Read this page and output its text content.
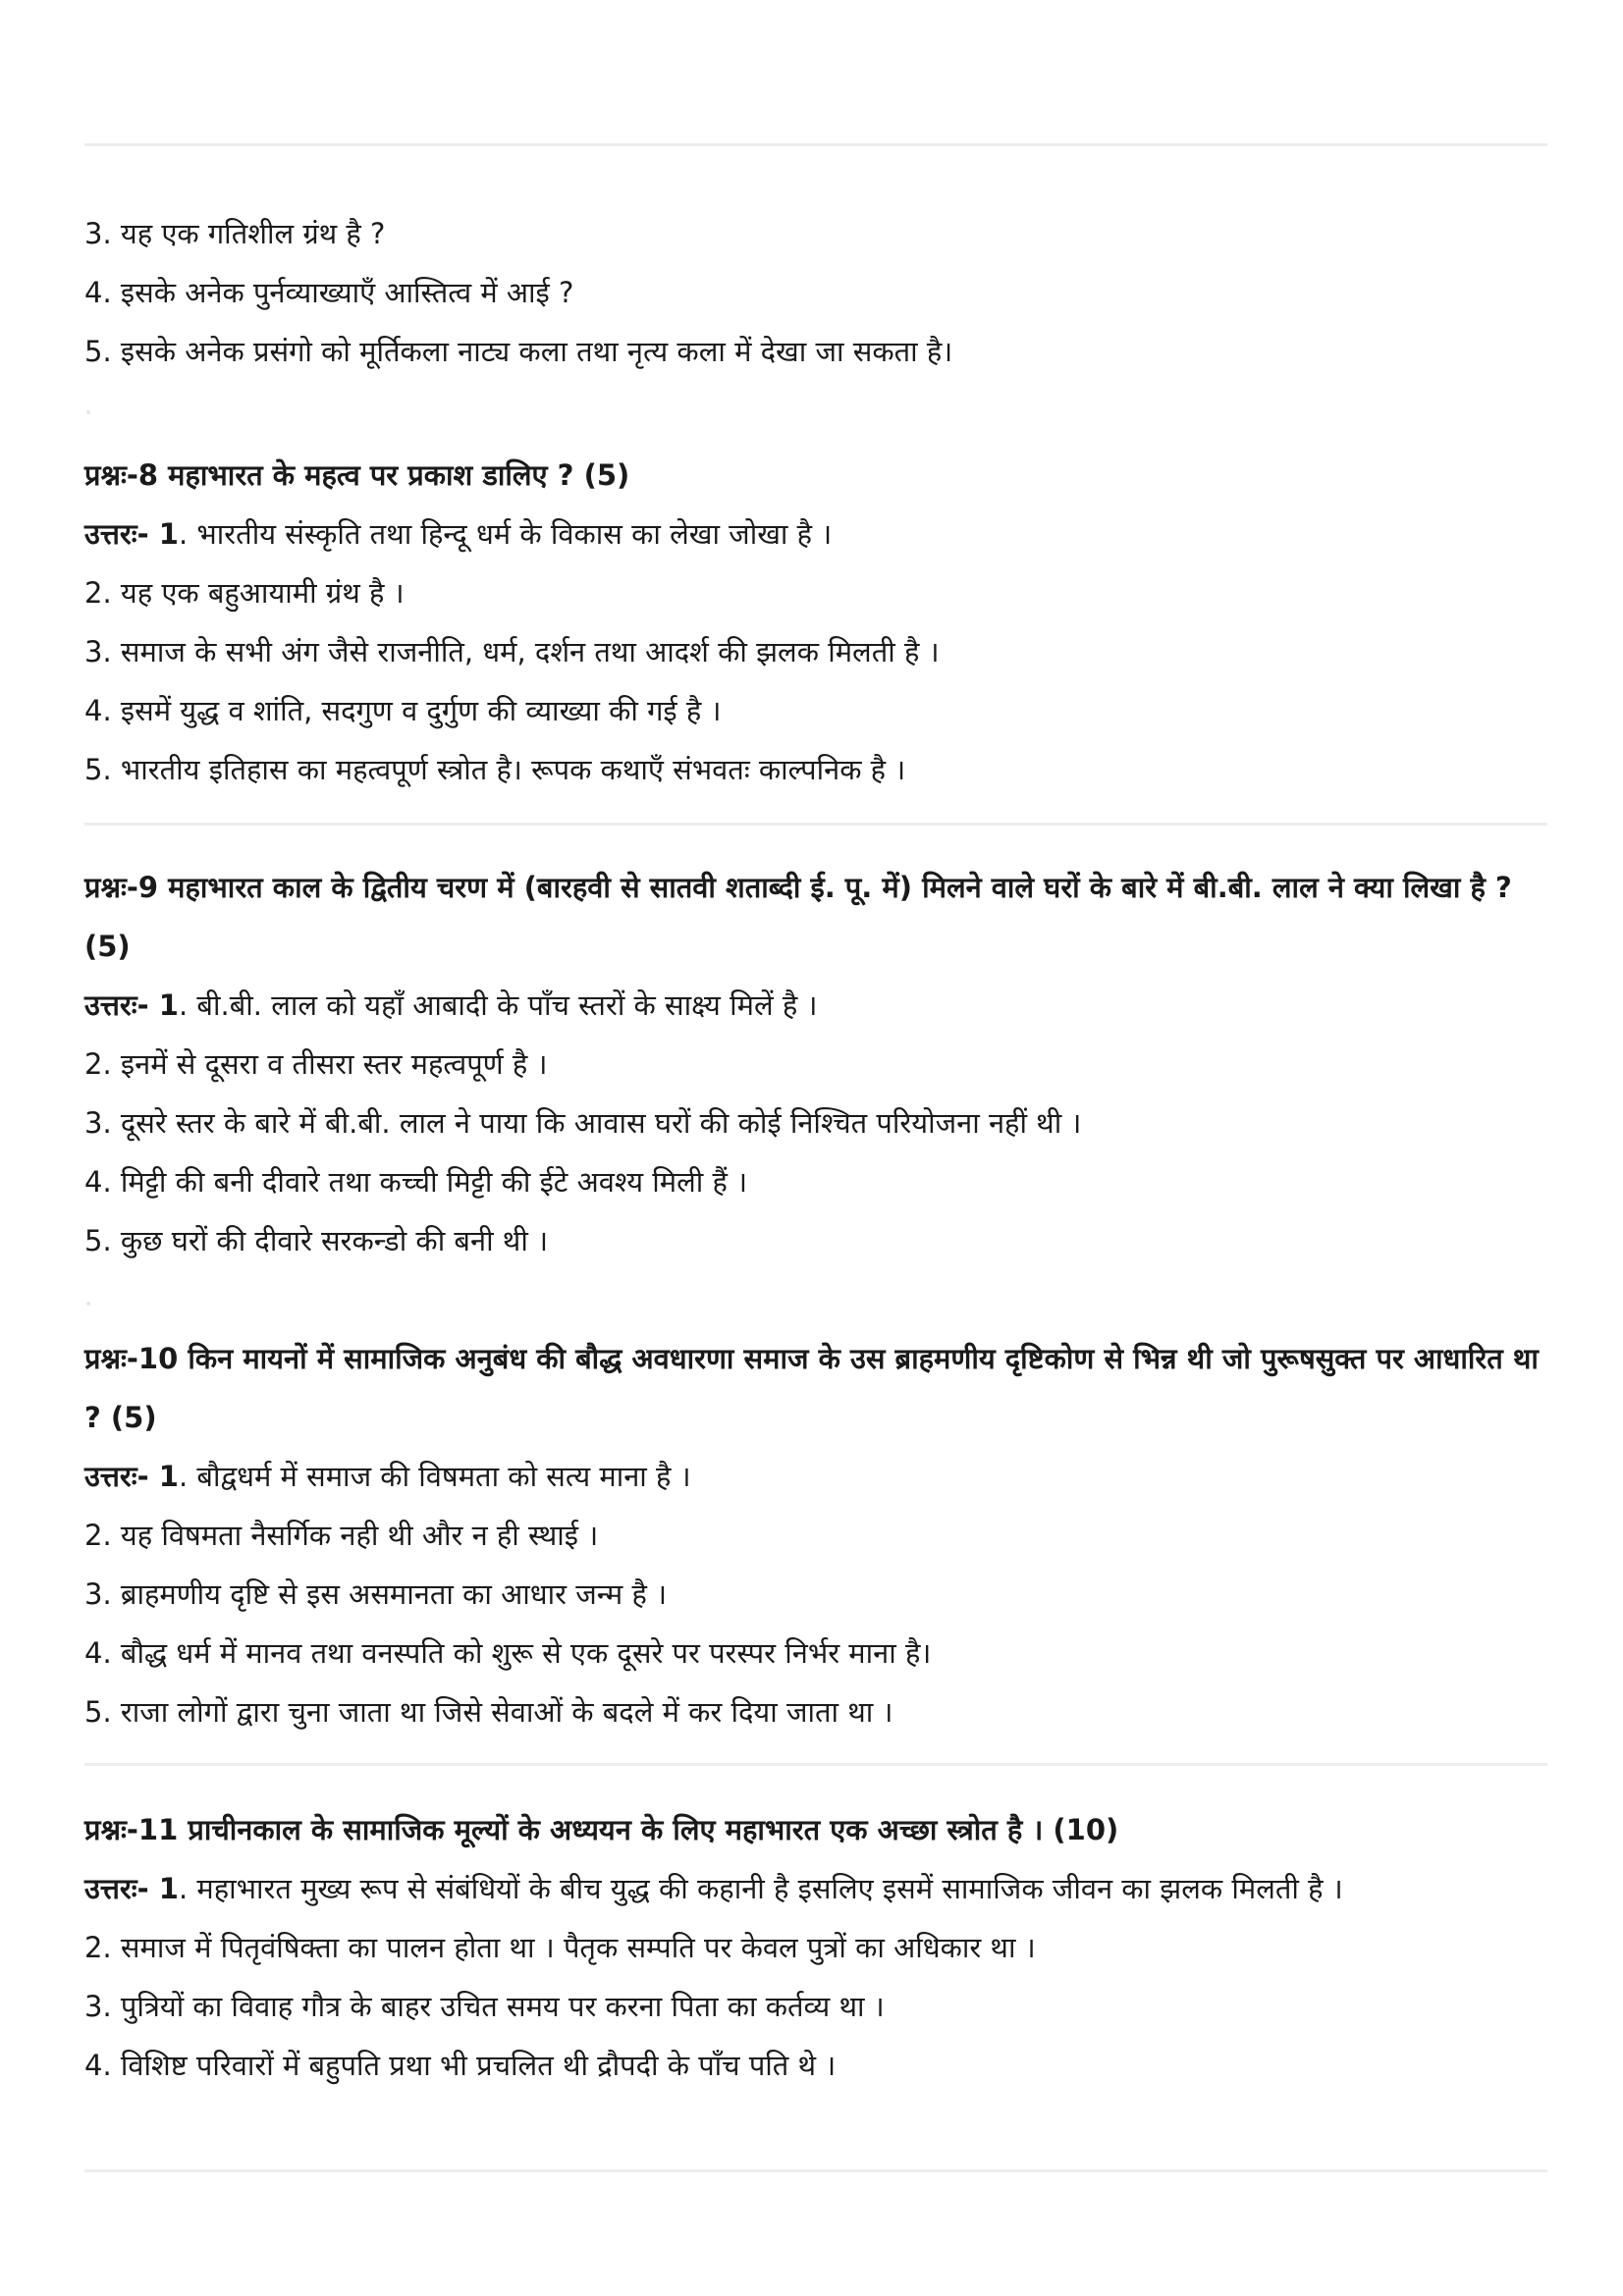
3. यह एक गतिशील ग्रंथ है ?
4. इसके अनेक पुर्नव्याख्याएँ आस्तित्व में आई ?
5. इसके अनेक प्रसंगो को मूर्तिकला नाट्य कला तथा नृत्य कला में देखा जा सकता है।
प्रश्नः-8 महाभारत के महत्व पर प्रकाश डालिए ? (5)
उत्तरः- 1. भारतीय संस्कृति तथा हिन्दू धर्म के विकास का लेखा जोखा है ।
2. यह एक बहुआयामी ग्रंथ है ।
3. समाज के सभी अंग जैसे राजनीति, धर्म, दर्शन तथा आदर्श की झलक मिलती है ।
4. इसमें युद्ध व शांति, सदगुण व दुर्गुण की व्याख्या की गई है ।
5. भारतीय इतिहास का महत्वपूर्ण स्त्रोत है। रूपक कथाएँ संभवतः काल्पनिक है ।
प्रश्नः-9 महाभारत काल के द्वितीय चरण में (बारहवी से सातवी शताब्दी ई. पू. में) मिलने वाले घरों के बारे में बी.बी. लाल ने क्या लिखा है ? (5)
उत्तरः- 1. बी.बी. लाल को यहाँ आबादी के पाँच स्तरों के साक्ष्य मिलें है ।
2. इनमें से दूसरा व तीसरा स्तर महत्वपूर्ण है ।
3. दूसरे स्तर के बारे में बी.बी. लाल ने पाया कि आवास घरों की कोई निश्चित परियोजना नहीं थी ।
4. मिट्टी की बनी दीवारे तथा कच्ची मिट्टी की ईटे अवश्य मिली हैं ।
5. कुछ घरों की दीवारे सरकन्डो की बनी थी ।
प्रश्नः-10 किन मायनों में सामाजिक अनुबंध की बौद्ध अवधारणा समाज के उस ब्राहमणीय दृष्टिकोण से भिन्न थी जो पुरूषसुक्त पर आधारित था ? (5)
उत्तरः- 1. बौद्वधर्म में समाज की विषमता को सत्य माना है ।
2. यह विषमता नैसर्गिक नही थी और न ही स्थाई ।
3. ब्राहमणीय दृष्टि से इस असमानता का आधार जन्म है ।
4. बौद्ध धर्म में मानव तथा वनस्पति को शुरू से एक दूसरे पर परस्पर निर्भर माना है।
5. राजा लोगों द्वारा चुना जाता था जिसे सेवाओं के बदले में कर दिया जाता था ।
प्रश्नः-11 प्राचीनकाल के सामाजिक मूल्यों के अध्ययन के लिए महाभारत एक अच्छा स्त्रोत है । (10)
उत्तरः- 1. महाभारत मुख्य रूप से संबंधियों के बीच युद्ध की कहानी है इसलिए इसमें सामाजिक जीवन का झलक मिलती है ।
2. समाज में पितृवंषिक्ता का पालन होता था । पैतृक सम्पति पर केवल पुत्रों का अधिकार था ।
3. पुत्रियों का विवाह गौत्र के बाहर उचित समय पर करना पिता का कर्तव्य था ।
4. विशिष्ट परिवारों में बहुपति प्रथा भी प्रचलित थी द्रौपदी के पाँच पति थे ।
